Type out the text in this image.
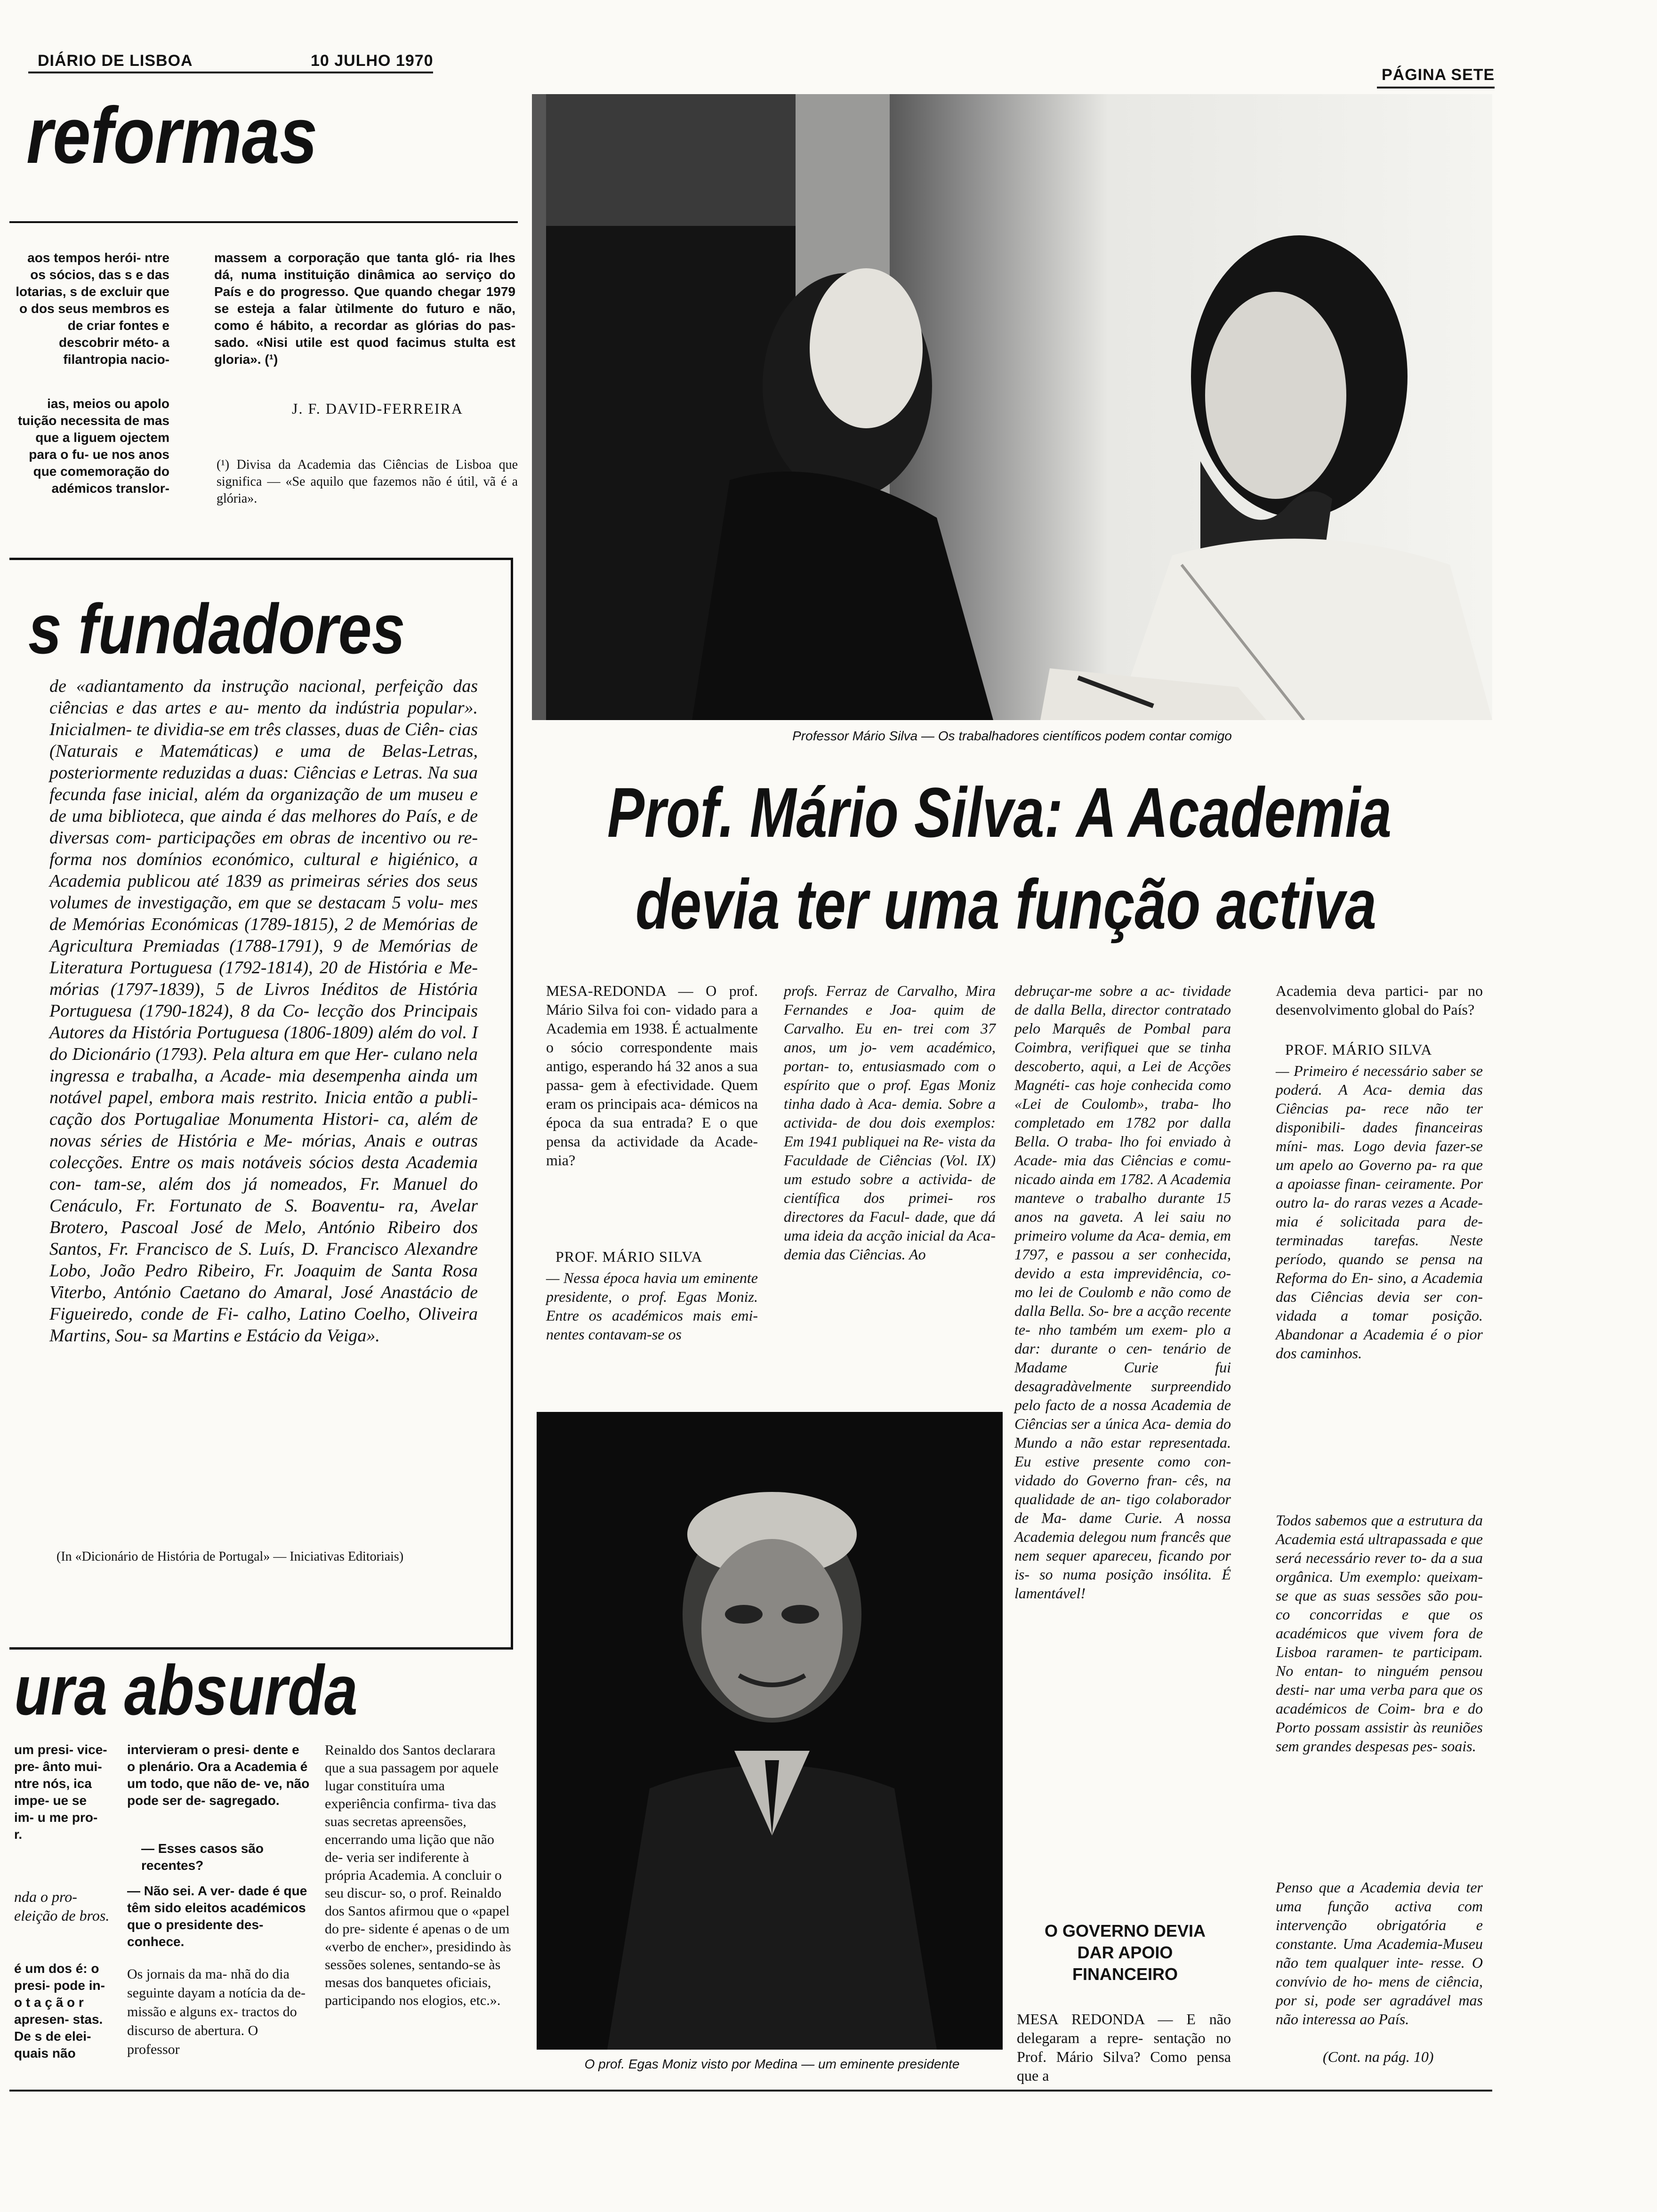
DIÁRIO DE LISBOA	10 JULHO 1970
PÁGINA SETE
reformas
aos tempos herói- ntre os sócios, das s e das lotarias, s de excluir que o dos seus membros es de criar fontes e descobrir méto- a filantropia nacio-
ias, meios ou apolo tuição necessita de mas que a liguem ojectem para o fu- ue nos anos que comemoração do adémicos translor-
massem a corporação que tanta gló- ria lhes dá, numa instituição dinâmica ao serviço do País e do progresso. Que quando chegar 1979 se esteja a falar ùtilmente do futuro e não, como é hábito, a recordar as glórias do pas- sado. «Nisi utile est quod facimus stulta est gloria». (¹)
J. F. DAVID-FERREIRA
(¹) Divisa da Academia das Ciências de Lisboa que significa — «Se aquilo que fazemos não é útil, vã é a glória».
s fundadores
de «adiantamento da instrução nacional, perfeição das ciências e das artes e au- mento da indústria popular». Inicialmen- te dividia-se em três classes, duas de Ciên- cias (Naturais e Matemáticas) e uma de Belas-Letras, posteriormente reduzidas a duas: Ciências e Letras. Na sua fecunda fase inicial, além da organização de um museu e de uma biblioteca, que ainda é das melhores do País, e de diversas com- participações em obras de incentivo ou re- forma nos domínios económico, cultural e higiénico, a Academia publicou até 1839 as primeiras séries dos seus volumes de investigação, em que se destacam 5 volu- mes de Memórias Económicas (1789-1815), 2 de Memórias de Agricultura Premiadas (1788-1791), 9 de Memórias de Literatura Portuguesa (1792-1814), 20 de História e Me- mórias (1797-1839), 5 de Livros Inéditos de História Portuguesa (1790-1824), 8 da Co- lecção dos Principais Autores da História Portuguesa (1806-1809) além do vol. I do Dicionário (1793). Pela altura em que Her- culano nela ingressa e trabalha, a Acade- mia desempenha ainda um notável papel, embora mais restrito. Inicia então a publi- cação dos Portugaliae Monumenta Histori- ca, além de novas séries de História e Me- mórias, Anais e outras colecções. Entre os mais notáveis sócios desta Academia con- tam-se, além dos já nomeados, Fr. Manuel do Cenáculo, Fr. Fortunato de S. Boaventu- ra, Avelar Brotero, Pascoal José de Melo, António Ribeiro dos Santos, Fr. Francisco de S. Luís, D. Francisco Alexandre Lobo, João Pedro Ribeiro, Fr. Joaquim de Santa Rosa Viterbo, António Caetano do Amaral, José Anastácio de Figueiredo, conde de Fi- calho, Latino Coelho, Oliveira Martins, Sou- sa Martins e Estácio da Veiga».
(In «Dicionário de História de Portugal» — Iniciativas Editoriais)
ura absurda
um presi- vice-pre- ânto mui- ntre nós, ica impe- ue se im- u me pro- r.
nda o pro- eleição de bros.
é um dos é: o presi- pode in- o t a ç ã o r apresen- stas. De s de elei- quais não
intervieram o presi- dente e o plenário. Ora a Academia é um todo, que não de- ve, não pode ser de- sagregado.
— Esses casos são recentes?
— Não sei. A ver- dade é que têm sido eleitos académicos que o presidente des- conhece.
Os jornais da ma- nhã do dia seguinte dayam a notícia da de- missão e alguns ex- tractos do discurso de abertura. O professor
Reinaldo dos Santos declarara que a sua passagem por aquele lugar constituíra uma experiência confirma- tiva das suas secretas apreensões, encerrando uma lição que não de- veria ser indiferente à própria Academia. A concluir o seu discur- so, o prof. Reinaldo dos Santos afirmou que o «papel do pre- sidente é apenas o de um «verbo de encher», presidindo às sessões solenes, sentando-se às mesas dos banquetes oficiais, participando nos elogios, etc.».
Professor Mário Silva — Os trabalhadores científicos podem contar comigo
Prof. Mário Silva: A Academia
devia ter uma função activa
MESA-REDONDA — O prof. Mário Silva foi con- vidado para a Academia em 1938. É actualmente o sócio correspondente mais antigo, esperando há 32 anos a sua passa- gem à efectividade. Quem eram os principais aca- démicos na época da sua entrada? E o que pensa da actividade da Acade- mia?
PROF. MÁRIO SILVA
— Nessa época havia um eminente presidente, o prof. Egas Moniz. Entre os académicos mais emi- nentes contavam-se os
profs. Ferraz de Carvalho, Mira Fernandes e Joa- quim de Carvalho. Eu en- trei com 37 anos, um jo- vem académico, portan- to, entusiasmado com o espírito que o prof. Egas Moniz tinha dado à Aca- demia. Sobre a activida- de dou dois exemplos: Em 1941 publiquei na Re- vista da Faculdade de Ciências (Vol. IX) um estudo sobre a activida- de científica dos primei- ros directores da Facul- dade, que dá uma ideia da acção inicial da Aca- demia das Ciências. Ao
O prof. Egas Moniz visto por Medina — um eminente presidente
debruçar-me sobre a ac- tividade de dalla Bella, director contratado pelo Marquês de Pombal para Coimbra, verifiquei que se tinha descoberto, aqui, a Lei de Acções Magnéti- cas hoje conhecida como «Lei de Coulomb», traba- lho completado em 1782 por dalla Bella. O traba- lho foi enviado à Acade- mia das Ciências e comu- nicado ainda em 1782. A Academia manteve o trabalho durante 15 anos na gaveta. A lei saiu no primeiro volume da Aca- demia, em 1797, e passou a ser conhecida, devido a esta imprevidência, co- mo lei de Coulomb e não como de dalla Bella. So- bre a acção recente te- nho também um exem- plo a dar: durante o cen- tenário de Madame Curie fui desagradàvelmente surpreendido pelo facto de a nossa Academia de Ciências ser a única Aca- demia do Mundo a não estar representada. Eu estive presente como con- vidado do Governo fran- cês, na qualidade de an- tigo colaborador de Ma- dame Curie. A nossa Academia delegou num francês que nem sequer apareceu, ficando por is- so numa posição insólita. É lamentável!
O GOVERNO DEVIA DAR APOIO FINANCEIRO
MESA REDONDA — E não delegaram a repre- sentação no Prof. Mário Silva? Como pensa que a
Academia deva partici- par no desenvolvimento global do País?
PROF. MÁRIO SILVA
— Primeiro é necessário saber se poderá. A Aca- demia das Ciências pa- rece não ter disponibili- dades financeiras míni- mas. Logo devia fazer-se um apelo ao Governo pa- ra que a apoiasse finan- ceiramente. Por outro la- do raras vezes a Acade- mia é solicitada para de- terminadas tarefas. Neste período, quando se pensa na Reforma do En- sino, a Academia das Ciências devia ser con- vidada a tomar posição. Abandonar a Academia é o pior dos caminhos.
Todos sabemos que a estrutura da Academia está ultrapassada e que será necessário rever to- da a sua orgânica. Um exemplo: queixam-se que as suas sessões são pou- co concorridas e que os académicos que vivem fora de Lisboa raramen- te participam. No entan- to ninguém pensou desti- nar uma verba para que os académicos de Coim- bra e do Porto possam assistir às reuniões sem grandes despesas pes- soais.
Penso que a Academia devia ter uma função activa com intervenção obrigatória e constante. Uma Academia-Museu não tem qualquer inte- resse. O convívio de ho- mens de ciência, por si, pode ser agradável mas não interessa ao País.
(Cont. na pág. 10)
